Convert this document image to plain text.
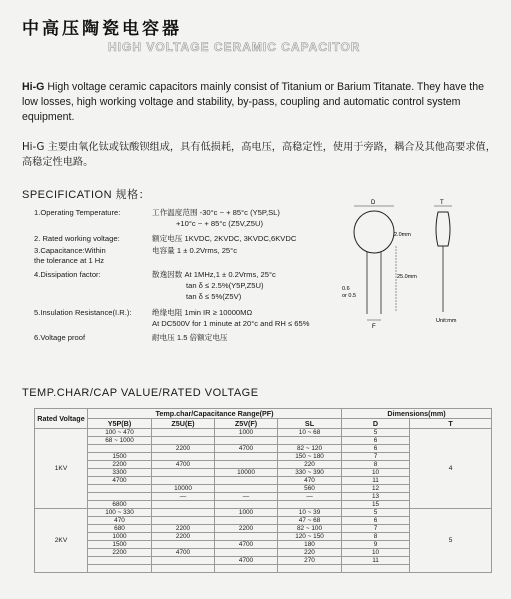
中高压陶瓷电容器
HIGH VOLTAGE CERAMIC CAPACITOR
Hi-G High voltage ceramic capacitors mainly consist of Titanium or Barium Titanate. They have the low losses, high working voltage and stability, by-pass, coupling and automatic control system equipment.
Hi-G 主要由氧化钛或钛酸钡组成，具有低损耗，高电压，高稳定性，使用于旁路，耦合及其他高要求值，高稳定性电路。
SPECIFICATION 规格：
1.Operating Temperature:	工作温度范围 -30°c ~ + 85°c (Y5P,SL)
+10°c ~ + 85°c (Z5V,Z5U)
2. Rated working voltage:	额定电压 1KVDC, 2KVDC, 3KVDC,6KVDC
3.Capacitance:Within	电容量 1 ± 0.2Vrms, 25°c
the tolerance at 1 Hz
4.Dissipation factor:	散逸因数 At 1MHz,1 ± 0.2Vrms, 25°c
tan δ ≤ 2.5%(Y5P,Z5U)
tan δ ≤ 5%(Z5V)
5.Insulation Resistance(I.R.):	绝缘电阻 1min IR ≥ 10000MΩ
At DC500V for 1 minute at 20°c and RH ≤ 65%
6.Voltage proof	耐电压 1.5 倍额定电压
D
F
0.6
or 0.5
2.0mm
25.0mm
T
Unit:mm
TEMP.CHAR/CAP VALUE/RATED VOLTAGE
Rated Voltage	Temp.char/Capacitance Range(PF)				Dimensions(mm)	
	Y5P(B)	Z5U(E)	Z5V(F)	SL	D	T
1KV	100 ~ 470		1000	10 ~ 68	5	4
	68 ~ 1000				6	
		2200	4700	82 ~ 120	6	
	1500			150 ~ 180	7	
	2200	4700		220	8	
	3300		10000	330 ~ 390	10	
	4700			470	11	
		10000		560	12	
		—	—	—	13	
	6800				15	
2KV	100 ~ 330		1000	10 ~ 39	5	5
	470			47 ~ 68	6	
	680	2200	2200	82 ~ 100	7	
	1000	2200		120 ~ 150	8	
	1500		4700	180	9	
	2200	4700		220	10	
			4700	270	11	
